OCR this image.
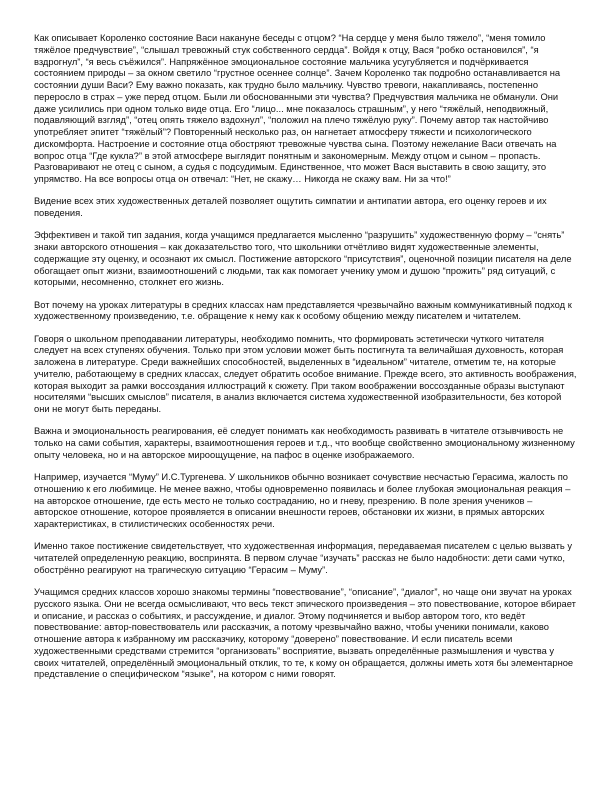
Как описывает Короленко состояние Васи накануне беседы с отцом? “На сердце у меня было тяжело”, “меня томило тяжёлое предчувствие”, “слышал тревожный стук собственного сердца”. Войдя к отцу, Вася “робко остановился”, “я вздрогнул”, “я весь съёжился”. Напряжённое эмоциональное состояние мальчика усугубляется и подчёркивается состоянием природы – за окном светило “грустное осеннее солнце”. Зачем Короленко так подробно останавливается на состоянии души Васи? Ему важно показать, как трудно было мальчику. Чувство тревоги, накапливаясь, постепенно переросло в страх – уже перед отцом. Были ли обоснованными эти чувства? Предчувствия мальчика не обманули. Они даже усилились при одном только виде отца. Его “лицо... мне показалось страшным”, у него “тяжёлый, неподвижный, подавляющий взгляд”, “отец опять тяжело вздохнул”, “положил на плечо тяжёлую руку”. Почему автор так настойчиво употребляет эпитет “тяжёлый”? Повторенный несколько раз, он нагнетает атмосферу тяжести и психологического дискомфорта. Настроение и состояние отца обостряют тревожные чувства сына. Поэтому нежелание Васи отвечать на вопрос отца “Где кукла?” в этой атмосфере выглядит понятным и закономерным. Между отцом и сыном – пропасть. Разговаривают не отец с сыном, а судья с подсудимым. Единственное, что может Вася выставить в свою защиту, это упрямство. На все вопросы отца он отвечал: “Нет, не скажу… Никогда не скажу вам. Ни за что!”

Видение всех этих художественных деталей позволяет ощутить симпатии и антипатии автора, его оценку героев и их поведения.

Эффективен и такой тип задания, когда учащимся предлагается мысленно “разрушить” художественную форму – “снять” знаки авторского отношения – как доказательство того, что школьники отчётливо видят художественные элементы, содержащие эту оценку, и осознают их смысл. Постижение авторского “присутствия”, оценочной позиции писателя на деле обогащает опыт жизни, взаимоотношений с людьми, так как помогает ученику умом и душою “прожить” ряд ситуаций, с которыми, несомненно, столкнет его жизнь.

Вот почему на уроках литературы в средних классах нам представляется чрезвычайно важным коммуникативный подход к художественному произведению, т.е. обращение к нему как к особому общению между писателем и читателем.

Говоря о школьном преподавании литературы, необходимо помнить, что формировать эстетически чуткого читателя следует на всех ступенях обучения. Только при этом условии может быть постигнута та величайшая духовность, которая заложена в литературе. Среди важнейших способностей, выделенных в “идеальном” читателе, отметим те, на которые учителю, работающему в средних классах, следует обратить особое внимание. Прежде всего, это активность воображения, которая выходит за рамки воссоздания иллюстраций к сюжету. При таком воображении воссозданные образы выступают носителями “высших смыслов” писателя, в анализ включается система художественной изобразительности, без которой они не могут быть переданы.

Важна и эмоциональность реагирования, её следует понимать как необходимость развивать в читателе отзывчивость не только на сами события, характеры, взаимоотношения героев и т.д., что вообще свойственно эмоциональному жизненному опыту человека, но и на авторское мироощущение, на пафос в оценке изображаемого.

Например, изучается “Муму” И.С.Тургенева. У школьников обычно возникает сочувствие несчастью Герасима, жалость по отношению к его любимице. Не менее важно, чтобы одновременно появилась и более глубокая эмоциональная реакция – на авторское отношение, где есть место не только состраданию, но и гневу, презрению. В поле зрения учеников – авторское отношение, которое проявляется в описании внешности героев, обстановки их жизни, в прямых авторских характеристиках, в стилистических особенностях речи.

Именно такое постижение свидетельствует, что художественная информация, передаваемая писателем с целью вызвать у читателей определенную реакцию, воспринята. В первом случае “изучать” рассказ не было надобности: дети сами чутко, обострённо реагируют на трагическую ситуацию “Герасим – Муму”.

Учащимся средних классов хорошо знакомы термины “повествование”, “описание”, “диалог”, но чаще они звучат на уроках русского языка. Они не всегда осмысливают, что весь текст эпического произведения – это повествование, которое вбирает и описание, и рассказ о событиях, и рассуждение, и диалог. Этому подчиняется и выбор автором того, кто ведёт повествование: автор-повествователь или рассказчик, а потому чрезвычайно важно, чтобы ученики понимали, каково отношение автора к избранному им рассказчику, которому “доверено” повествование. И если писатель всеми художественными средствами стремится “организовать” восприятие, вызвать определённые размышления и чувства у своих читателей, определённый эмоциональный отклик, то те, к кому он обращается, должны иметь хотя бы элементарное представление о специфическом “языке”, на котором с ними говорят.
